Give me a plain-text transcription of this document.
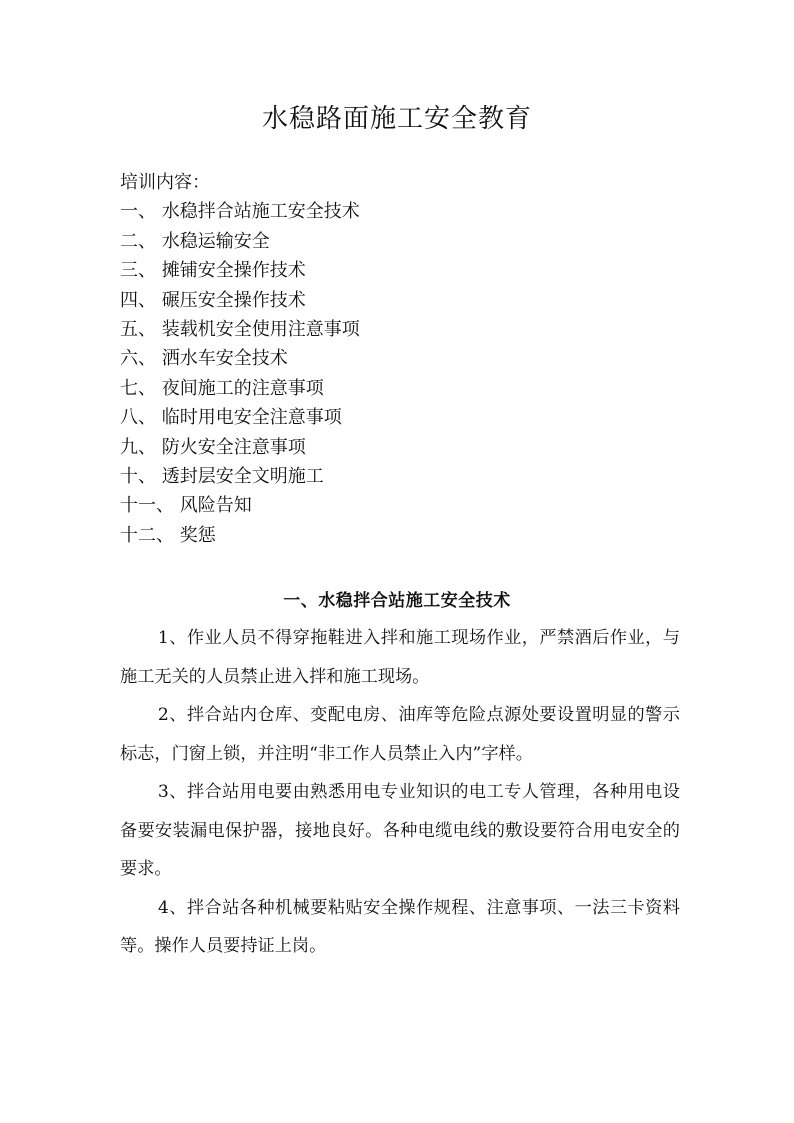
水稳路面施工安全教育
培训内容：
一、 水稳拌合站施工安全技术
二、 水稳运输安全
三、 摊铺安全操作技术
四、 碾压安全操作技术
五、 装载机安全使用注意事项
六、 洒水车安全技术
七、 夜间施工的注意事项
八、 临时用电安全注意事项
九、 防火安全注意事项
十、 透封层安全文明施工
十一、 风险告知
十二、 奖惩
一、水稳拌合站施工安全技术

1、作业人员不得穿拖鞋进入拌和施工现场作业，严禁酒后作业，与施工无关的人员禁止进入拌和施工现场。

2、拌合站内仓库、变配电房、油库等危险点源处要设置明显的警示标志，门窗上锁，并注明“非工作人员禁止入内”字样。

3、拌合站用电要由熟悉用电专业知识的电工专人管理，各种用电设备要安装漏电保护器，接地良好。各种电缆电线的敷设要符合用电安全的要求。

4、拌合站各种机械要粘贴安全操作规程、注意事项、一法三卡资料等。操作人员要持证上岗。
